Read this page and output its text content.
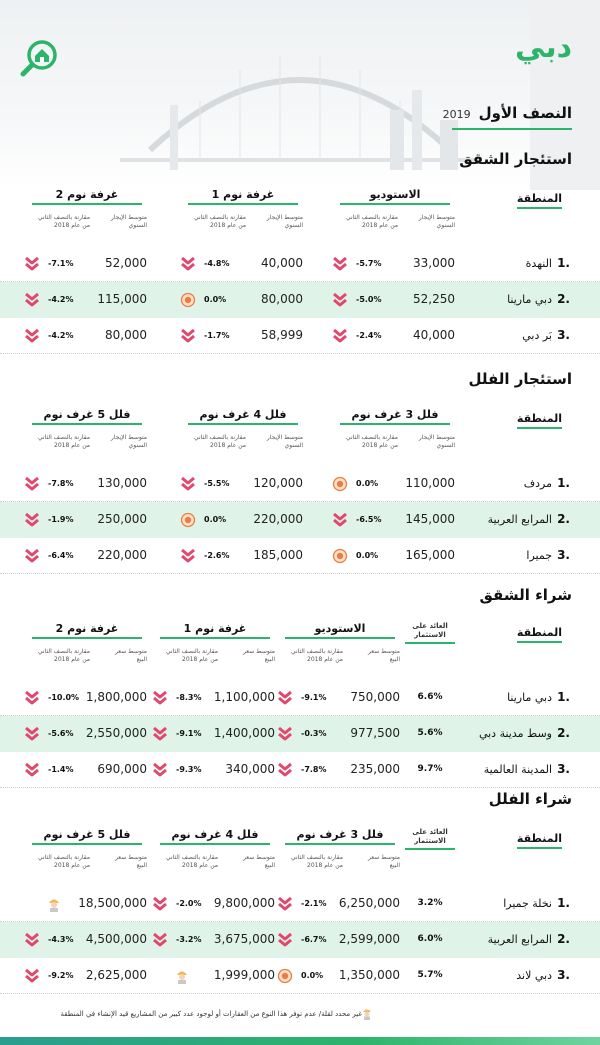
دبي
2019 النصف الأول
استئجار الشقق
المنطقة
الاستوديو
متوسط الإيجار
السنوي
مقارنة بالنصف الثاني
من عام 2018
1 غرفة نوم
متوسط الإيجار
السنوي
مقارنة بالنصف الثاني
من عام 2018
2 غرفة نوم
متوسط الإيجار
السنوي
مقارنة بالنصف الثاني
من عام 2018
1.
النهدة
33,000
-5.7%
40,000
-4.8%
52,000
-7.1%
2.
دبي مارينا
52,250
-5.0%
80,000
0.0%
115,000
-4.2%
3.
بَر دبي
40,000
-2.4%
58,999
-1.7%
80,000
-4.2%
استئجار الفلل
المنطقة
فلل 3 غرف نوم
متوسط الإيجار
السنوي
مقارنة بالنصف الثاني
من عام 2018
فلل 4 غرف نوم
متوسط الإيجار
السنوي
مقارنة بالنصف الثاني
من عام 2018
فلل 5 غرف نوم
متوسط الإيجار
السنوي
مقارنة بالنصف الثاني
من عام 2018
1.
مردف
110,000
0.0%
120,000
-5.5%
130,000
-7.8%
2.
المرابع العربية
145,000
-6.5%
220,000
0.0%
250,000
-1.9%
3.
جميرا
165,000
0.0%
185,000
-2.6%
220,000
-6.4%
شراء الشقق
المنطقة
العائد على
الاستثمار
الاستوديو
متوسط سعر
البيع
مقارنة بالنصف الثاني
من عام 2018
1 غرفة نوم
متوسط سعر
البيع
مقارنة بالنصف الثاني
من عام 2018
2 غرفة نوم
متوسط سعر
البيع
مقارنة بالنصف الثاني
من عام 2018
1.
دبي مارينا
6.6%
750,000
-9.1%
1,100,000
-8.3%
1,800,000
-10.0%
2.
وسط مدينة دبي
5.6%
977,500
-0.3%
1,400,000
-9.1%
2,550,000
-5.6%
3.
المدينة العالمية
9.7%
235,000
-7.8%
340,000
-9.3%
690,000
-1.4%
شراء الفلل
المنطقة
العائد على
الاستثمار
فلل 3 غرف نوم
متوسط سعر
البيع
مقارنة بالنصف الثاني
من عام 2018
فلل 4 غرف نوم
متوسط سعر
البيع
مقارنة بالنصف الثاني
من عام 2018
فلل 5 غرف نوم
متوسط سعر
البيع
مقارنة بالنصف الثاني
من عام 2018
1.
نخلة جميرا
3.2%
6,250,000
-2.1%
9,800,000
-2.0%
18,500,000
2.
المرابع العربية
6.0%
2,599,000
-6.7%
3,675,000
-3.2%
4,500,000
-4.3%
3.
دبي لاند
5.7%
1,350,000
0.0%
1,999,000
2,625,000
-9.2%
غير محدد لقلة/ عدم توفر هذا النوع من العقارات أو لوجود عدد كبير من المشاريع قيد الإنشاء في المنطقة
